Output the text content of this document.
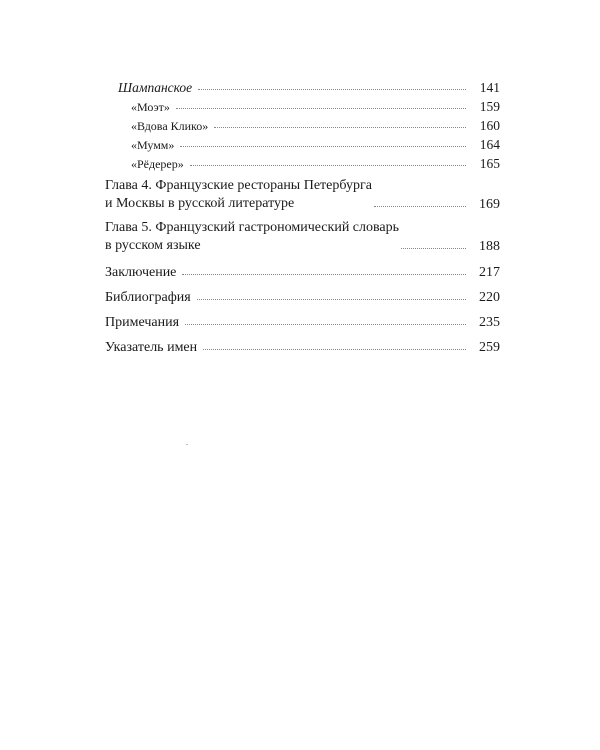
Шампанское	141
«Моэт»	159
«Вдова Клико»	160
«Мумм»	164
«Рёдерер»	165
Глава 4. Французские рестораны Петербурга
и Москвы в русской литературе	169
Глава 5. Французский гастрономический словарь
в русском языке	188
Заключение	217
Библиография	220
Примечания	235
Указатель имен	259
